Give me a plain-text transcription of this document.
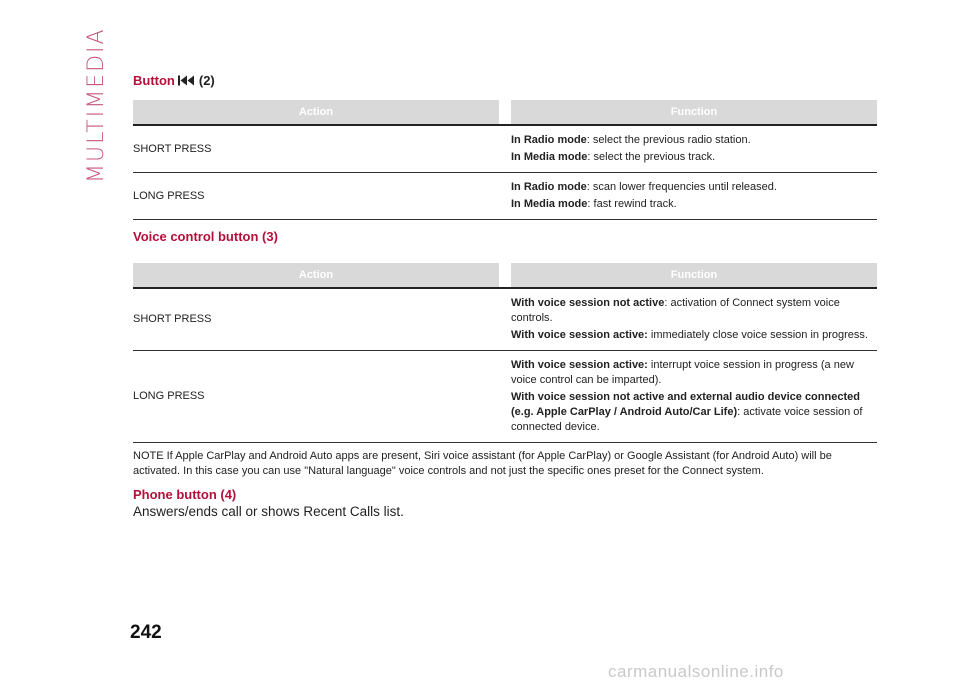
MULTIMEDIA Button (2)
Action		Function
SHORT PRESS		In Radio mode: select the previous radio station.

In Media mode: select the previous track.

LONG PRESS		In Radio mode: scan lower frequencies until released.

In Media mode: fast rewind track.

Voice control button (3)
Action		Function
SHORT PRESS		With voice session not active: activation of Connect system voice controls.

With voice session active: immediately close voice session in progress.

LONG PRESS		With voice session active: interrupt voice session in progress (a new voice control can be imparted).

With voice session not active and external audio device connected (e.g. Apple CarPlay / Android Auto/Car Life): activate voice session of connected device.

NOTE If Apple CarPlay and Android Auto apps are present, Siri voice assistant (for Apple CarPlay) or Google Assistant (for Android Auto) will be activated. In this case you can use "Natural language" voice controls and not just the specific ones preset for the Connect system.

Phone button (4)

Answers/ends call or shows Recent Calls list.

242
carmanualsonline.info
